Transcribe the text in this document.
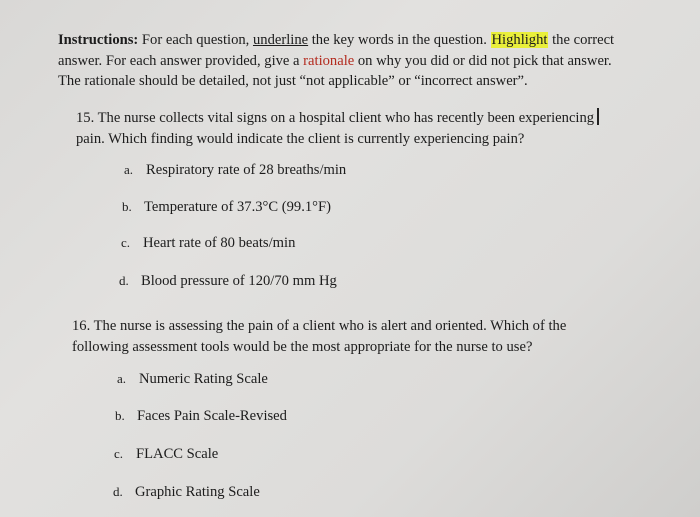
Instructions: For each question, underline the key words in the question. Highlight the correct
answer. For each answer provided, give a rationale on why you did or did not pick that answer.
The rationale should be detailed, not just “not applicable” or “incorrect answer”.
15. The nurse collects vital signs on a hospital client who has recently been experiencing
pain. Which finding would indicate the client is currently experiencing pain?
a. Respiratory rate of 28 breaths/min
b. Temperature of 37.3°C (99.1°F)
c. Heart rate of 80 beats/min
d. Blood pressure of 120/70 mm Hg
16. The nurse is assessing the pain of a client who is alert and oriented. Which of the
following assessment tools would be the most appropriate for the nurse to use?
a. Numeric Rating Scale
b. Faces Pain Scale-Revised
c. FLACC Scale
d. Graphic Rating Scale
